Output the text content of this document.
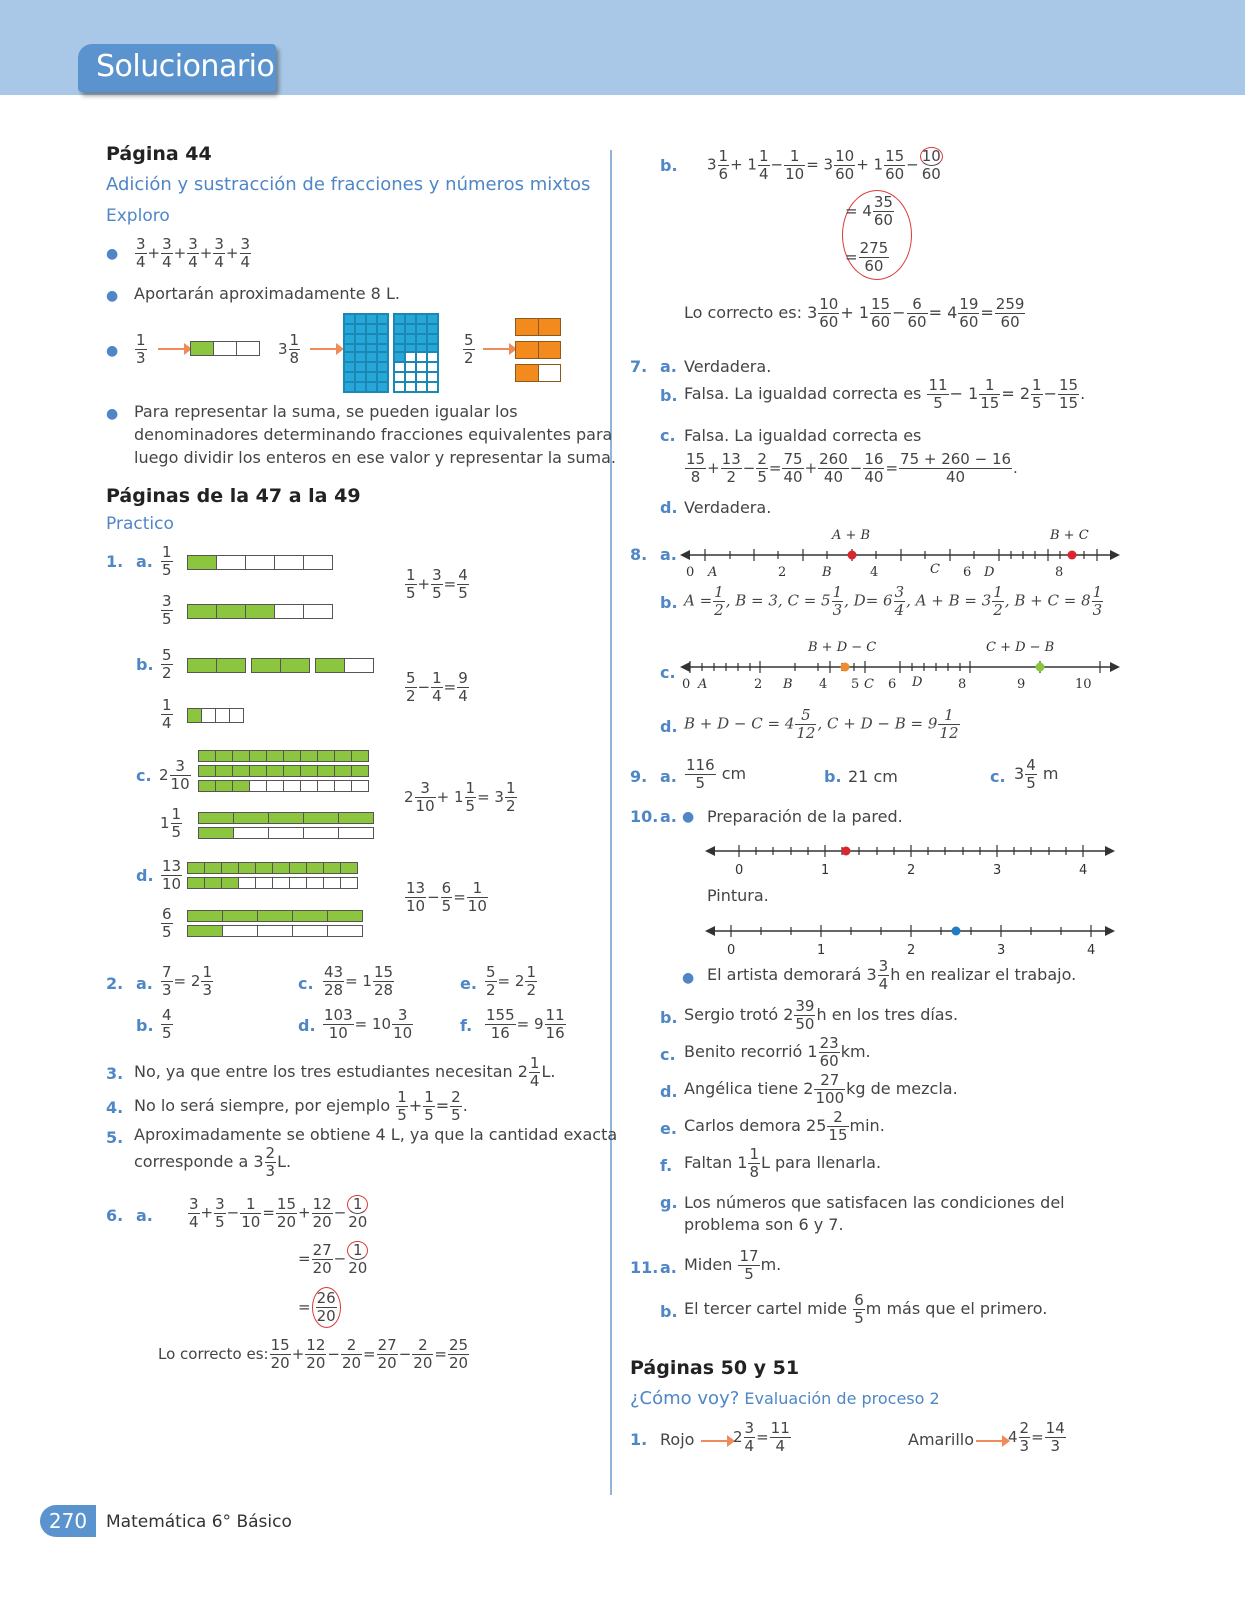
Solucionario
Página 44
Adición y sustracción de fracciones y números mixtos
Exploro
● $\frac{3}{4} + \frac{3}{4} + \frac{3}{4} + \frac{3}{4} + \frac{3}{4}$
● Aportarán aproximadamente 8 L.
● $\frac{1}{3}$	$3 \frac{1}{8}$	$\frac{5}{2}$
● Para representar la suma, se pueden igualar los
denominadores determinando fracciones equivalentes para
luego dividir los enteros en ese valor y representar la suma.
Páginas de la 47 a la 49
Practico
1. a. $\frac{1}{5}$
$\frac{3}{5}$
$\frac{1}{5} + \frac{3}{5} = \frac{4}{5}$
b. $\frac{5}{2}$
$\frac{1}{4}$
$\frac{5}{2} - \frac{1}{4} = \frac{9}{4}$
c. $2 \frac{3}{10}$
$1 \frac{1}{5}$
$2 \frac{3}{10} + 1 \frac{1}{5} = 3 \frac{1}{2}$
d. $\frac{13}{10}$
$\frac{6}{5}$
$\frac{13}{10} - \frac{6}{5} = \frac{1}{10}$
2. a. $\frac{7}{3} = 2 \frac{1}{3}$	c. $\frac{43}{28} = 1 \frac{15}{28}$	e. $\frac{5}{2} = 2 \frac{1}{2}$
b. $\frac{4}{5}$	d. $\frac{103}{10} = 10 \frac{3}{10}$	f. $\frac{155}{16} = 9 \frac{11}{16}$
3. No, ya que entre los tres estudiantes necesitan $2 \frac{1}{4} L$.
4. No lo será siempre, por ejemplo $\frac{1}{5} + \frac{1}{5} = \frac{2}{5}$ .
5. Aproximadamente se obtiene 4 L, ya que la cantidad exacta
corresponde a $3 \frac{2}{3} L$.
6. a. $\frac{3}{4} + \frac{3}{5} - \frac{1}{10} = \frac{15}{20} + \frac{12}{20} - \frac{1}{20}$
= $\frac{27}{20} - \frac{1}{20}$
= $\frac{26}{20}$
Lo correcto es: $\frac{15}{20} + \frac{12}{20} - \frac{2}{20} = \frac{27}{20} - \frac{2}{20} = \frac{25}{20}$
b. $3 \frac{1}{6} + 1 \frac{1}{4} - \frac{1}{10} = 3 \frac{10}{60} + 1 \frac{15}{60} - \frac{10}{60}$
= $4 \frac{35}{60}$
= $\frac{275}{60}$
Lo correcto es: $3 \frac{10}{60} + 1 \frac{15}{60} - \frac{6}{60} = 4 \frac{19}{60} = \frac{259}{60}$
7. a. Verdadera.
b. Falsa. La igualdad correcta es $\frac{11}{5} - 1 \frac{1}{15} = 2 \frac{1}{5} - \frac{15}{15}$ .
c. Falsa. La igualdad correcta es
$\frac{15}{8} + \frac{13}{2} - \frac{2}{5} = \frac{75}{40} + \frac{260}{40} - \frac{16}{40} = \frac{75 + 260 - 16}{40}$ .
d. Verdadera.
8. a.
0 A	2	B	4	C 6 D	8
A + B	B + C
b. $A = \frac{1}{2}$ , B = 3, $C = 5 \frac{1}{3}$ , $D= 6 \frac{3}{4}$ , $A + B = 3 \frac{1}{2}$ , $B + C = 8 \frac{1}{3}$
c.
0 A	2 B 4 5 C 6 D	8	9	10
B + D − C	C + D − B
d. $B + D - C = 4 \frac{5}{12}$ , $C + D - B = 9 \frac{1}{12}$
9. a. $\frac{116}{5}$ cm	b. 21 cm	c. $3 \frac{4}{5}$ m
10. a. ● Preparación de la pared.
0	1	2	3	4
Pintura.
0	1	2	3	4
● El artista demorará $3 \frac{3}{4}$ h en realizar el trabajo.
b. Sergio trotó $2 \frac{39}{50}$ h en los tres días.
c. Benito recorrió $1 \frac{23}{60}$ km.
d. Angélica tiene $2 \frac{27}{100}$ kg de mezcla.
e. Carlos demora $25 \frac{2}{15} \min$.
f. Faltan $1 \frac{1}{8}$ L para llenarla.
g. Los números que satisfacen las condiciones del
problema son 6 y 7.
11. a. Miden $\frac{17}{5} m$.
b. El tercer cartel mide $\frac{6}{5}$ m más que el primero.
Páginas 50 y 51
¿Cómo voy? Evaluación de proceso 2
1. Rojo	$2 \frac{3}{4} = \frac{11}{4}$	Amarillo $4 \frac{2}{3} = \frac{14}{3}$
270	Matemática 6° Básico
